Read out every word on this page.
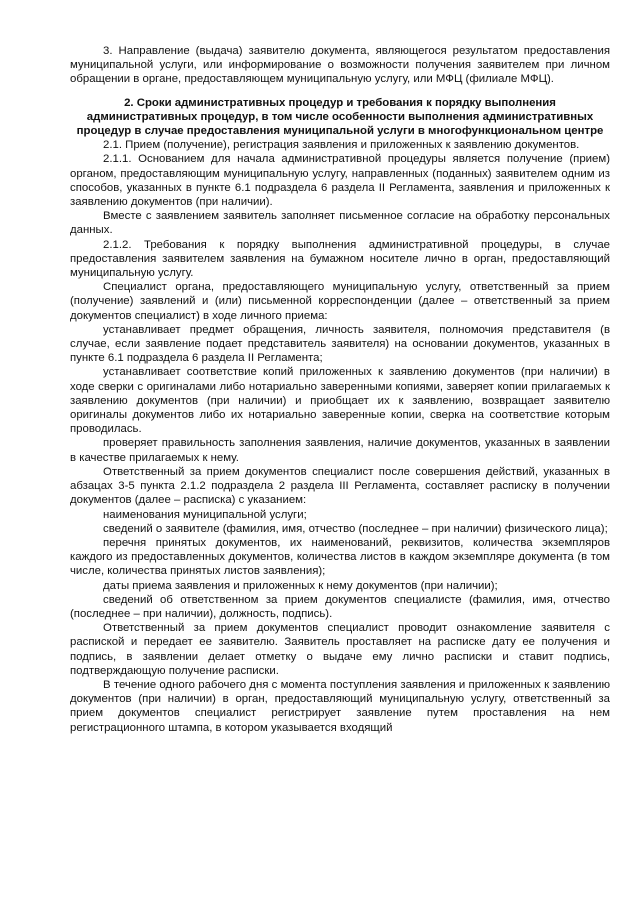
3. Направление (выдача) заявителю документа, являющегося результатом предоставления муниципальной услуги, или информирование о возможности получения заявителем при личном обращении в органе, предоставляющем муниципальную услугу, или МФЦ (филиале МФЦ).

2. Сроки административных процедур и требования к порядку выполнения административных процедур, в том числе особенности выполнения административных процедур в случае предоставления муниципальной услуги в многофункциональном центре

2.1. Прием (получение), регистрация заявления и приложенных к заявлению документов.

2.1.1. Основанием для начала административной процедуры является получение (прием) органом, предоставляющим муниципальную услугу, направленных (поданных) заявителем одним из способов, указанных в пункте 6.1 подраздела 6 раздела II Регламента, заявления и приложенных к заявлению документов (при наличии).

Вместе с заявлением заявитель заполняет письменное согласие на обработку персональных данных.

2.1.2. Требования к порядку выполнения административной процедуры, в случае предоставления заявителем заявления на бумажном носителе лично в орган, предоставляющий муниципальную услугу.

Специалист органа, предоставляющего муниципальную услугу, ответственный за прием (получение) заявлений и (или) письменной корреспонденции (далее – ответственный за прием документов специалист) в ходе личного приема:

устанавливает предмет обращения, личность заявителя, полномочия представителя (в случае, если заявление подает представитель заявителя) на основании документов, указанных в пункте 6.1 подраздела 6 раздела II Регламента;

устанавливает соответствие копий приложенных к заявлению документов (при наличии) в ходе сверки с оригиналами либо нотариально заверенными копиями, заверяет копии прилагаемых к заявлению документов (при наличии) и приобщает их к заявлению, возвращает заявителю оригиналы документов либо их нотариально заверенные копии, сверка на соответствие которым проводилась.

проверяет правильность заполнения заявления, наличие документов, указанных в заявлении в качестве прилагаемых к нему.

Ответственный за прием документов специалист после совершения действий, указанных в абзацах 3-5 пункта 2.1.2 подраздела 2 раздела III Регламента, составляет расписку в получении документов (далее – расписка) с указанием:

наименования муниципальной услуги;

сведений о заявителе (фамилия, имя, отчество (последнее – при наличии) физического лица);

перечня принятых документов, их наименований, реквизитов, количества экземпляров каждого из предоставленных документов, количества листов в каждом экземпляре документа (в том числе, количества принятых листов заявления);

даты приема заявления и приложенных к нему документов (при наличии);

сведений об ответственном за прием документов специалисте (фамилия, имя, отчество (последнее – при наличии), должность, подпись).

Ответственный за прием документов специалист проводит ознакомление заявителя с распиской и передает ее заявителю. Заявитель проставляет на расписке дату ее получения и подпись, в заявлении делает отметку о выдаче ему лично расписки и ставит подпись, подтверждающую получение расписки.

В течение одного рабочего дня с момента поступления заявления и приложенных к заявлению документов (при наличии) в орган, предоставляющий муниципальную услугу, ответственный за прием документов специалист регистрирует заявление путем проставления на нем регистрационного штампа, в котором указывается входящий
